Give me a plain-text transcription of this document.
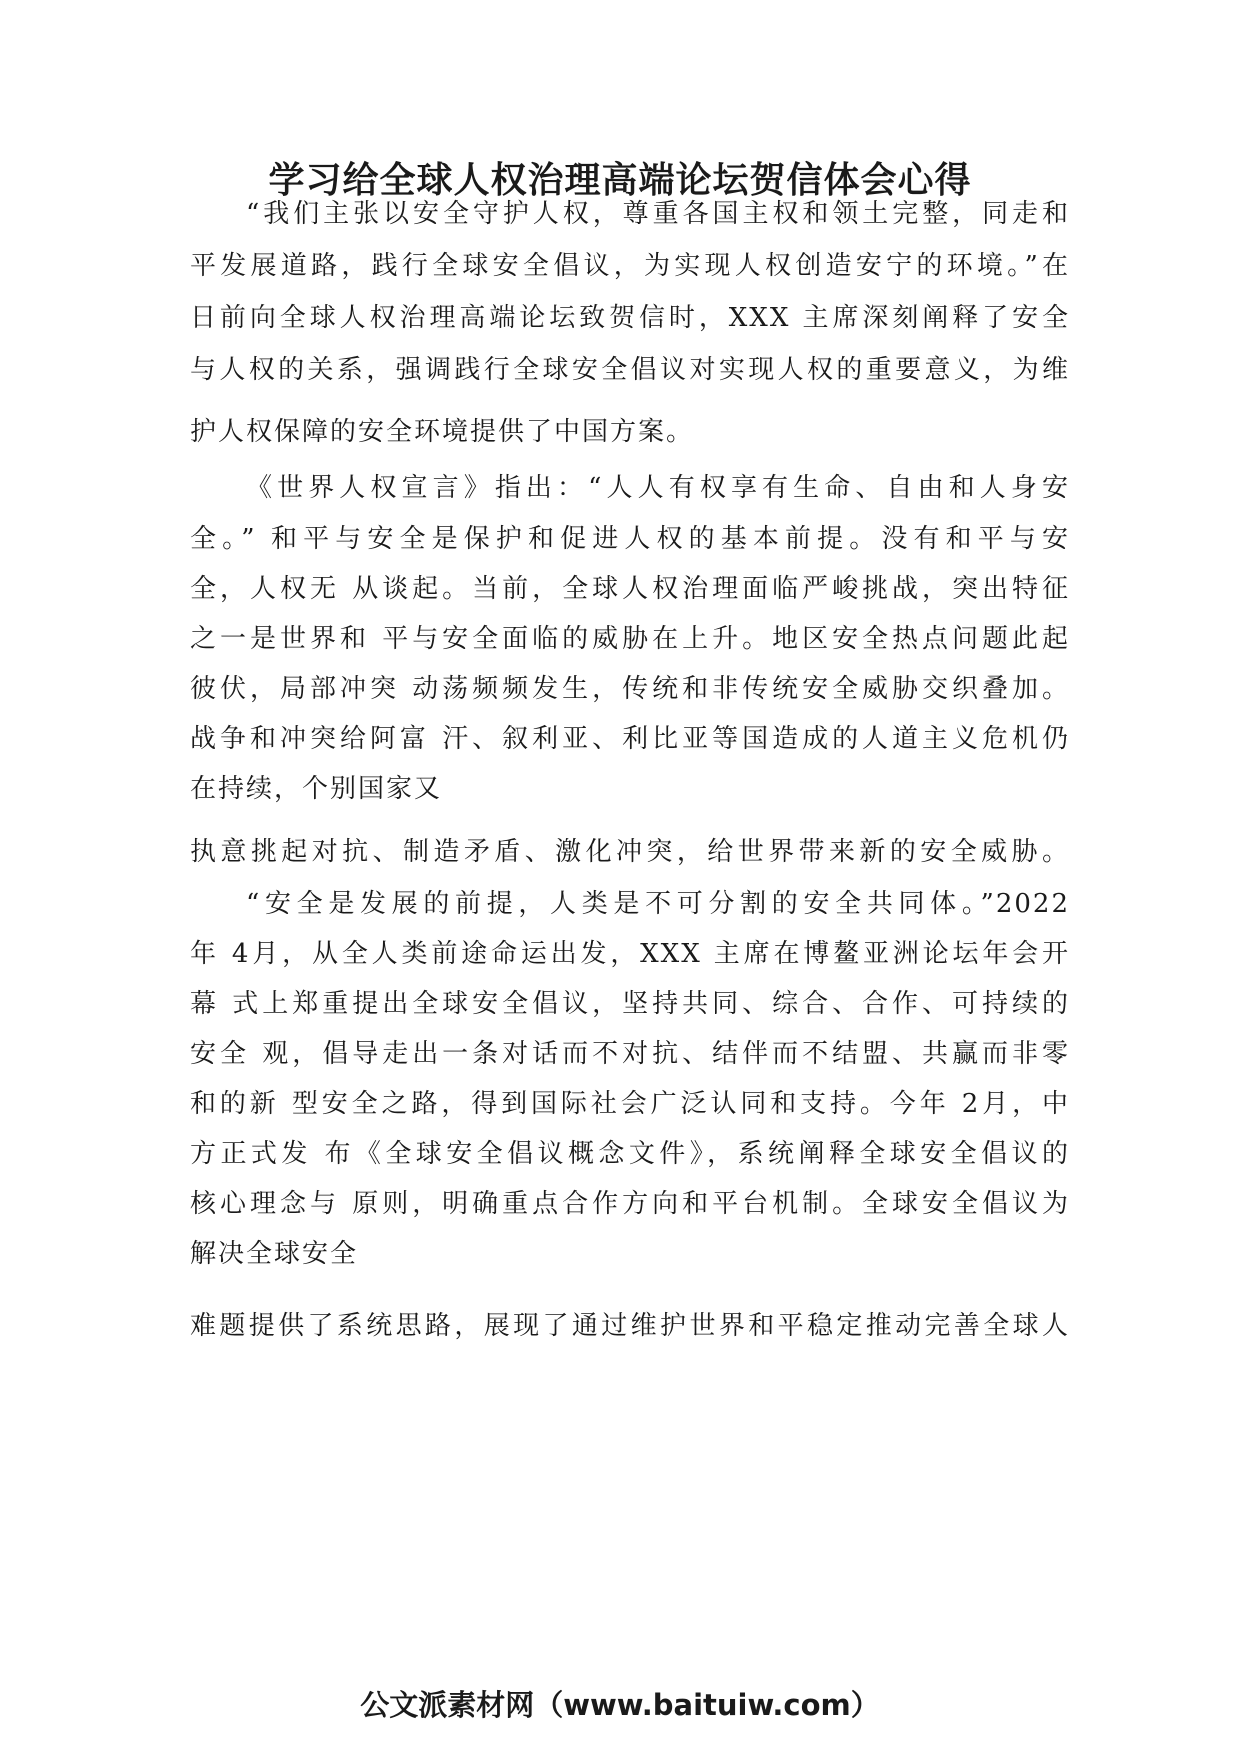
学习给全球人权治理高端论坛贺信体会心得
“我们主张以安全守护人权，尊重各国主权和领土完整，同走和
平发展道路，践行全球安全倡议，为实现人权创造安宁的环境。”在
日前向全球人权治理高端论坛致贺信时，XXX 主席深刻阐释了安全
与人权的关系，强调践行全球安全倡议对实现人权的重要意义，为维
护人权保障的安全环境提供了中国方案。
《世界人权宣言》指出：“人人有权享有生命、自由和人身安
全。” 和平与安全是保护和促进人权的基本前提。没有和平与安
全，人权无 从谈起。当前，全球人权治理面临严峻挑战，突出特征
之一是世界和 平与安全面临的威胁在上升。地区安全热点问题此起
彼伏，局部冲突 动荡频频发生，传统和非传统安全威胁交织叠加。
战争和冲突给阿富 汗、叙利亚、利比亚等国造成的人道主义危机仍
在持续，个别国家又
执意挑起对抗、制造矛盾、激化冲突，给世界带来新的安全威胁。
“安全是发展的前提，人类是不可分割的安全共同体。”2022
年 4月，从全人类前途命运出发，XXX 主席在博鳌亚洲论坛年会开
幕 式上郑重提出全球安全倡议，坚持共同、综合、合作、可持续的
安全 观，倡导走出一条对话而不对抗、结伴而不结盟、共赢而非零
和的新 型安全之路，得到国际社会广泛认同和支持。今年 2月，中
方正式发 布《全球安全倡议概念文件》，系统阐释全球安全倡议的
核心理念与 原则，明确重点合作方向和平台机制。全球安全倡议为
解决全球安全
难题提供了系统思路，展现了通过维护世界和平稳定推动完善全球人
公文派素材网（www.baituiw.com）
